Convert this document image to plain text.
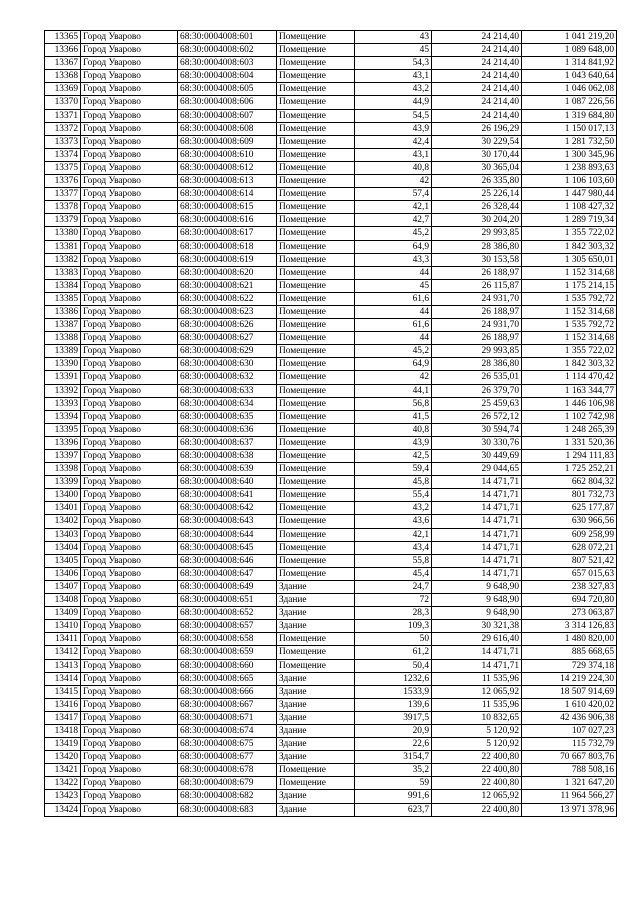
13365	Город Уварово	68:30:0004008:601	Помещение	43	24 214,40	1 041 219,20
13366	Город Уварово	68:30:0004008:602	Помещение	45	24 214,40	1 089 648,00
13367	Город Уварово	68:30:0004008:603	Помещение	54,3	24 214,40	1 314 841,92
13368	Город Уварово	68:30:0004008:604	Помещение	43,1	24 214,40	1 043 640,64
13369	Город Уварово	68:30:0004008:605	Помещение	43,2	24 214,40	1 046 062,08
13370	Город Уварово	68:30:0004008:606	Помещение	44,9	24 214,40	1 087 226,56
13371	Город Уварово	68:30:0004008:607	Помещение	54,5	24 214,40	1 319 684,80
13372	Город Уварово	68:30:0004008:608	Помещение	43,9	26 196,29	1 150 017,13
13373	Город Уварово	68:30:0004008:609	Помещение	42,4	30 229,54	1 281 732,50
13374	Город Уварово	68:30:0004008:610	Помещение	43,1	30 170,44	1 300 345,96
13375	Город Уварово	68:30:0004008:612	Помещение	40,8	30 365,04	1 238 893,63
13376	Город Уварово	68:30:0004008:613	Помещение	42	26 335,80	1 106 103,60
13377	Город Уварово	68:30:0004008:614	Помещение	57,4	25 226,14	1 447 980,44
13378	Город Уварово	68:30:0004008:615	Помещение	42,1	26 328,44	1 108 427,32
13379	Город Уварово	68:30:0004008:616	Помещение	42,7	30 204,20	1 289 719,34
13380	Город Уварово	68:30:0004008:617	Помещение	45,2	29 993,85	1 355 722,02
13381	Город Уварово	68:30:0004008:618	Помещение	64,9	28 386,80	1 842 303,32
13382	Город Уварово	68:30:0004008:619	Помещение	43,3	30 153,58	1 305 650,01
13383	Город Уварово	68:30:0004008:620	Помещение	44	26 188,97	1 152 314,68
13384	Город Уварово	68:30:0004008:621	Помещение	45	26 115,87	1 175 214,15
13385	Город Уварово	68:30:0004008:622	Помещение	61,6	24 931,70	1 535 792,72
13386	Город Уварово	68:30:0004008:623	Помещение	44	26 188,97	1 152 314,68
13387	Город Уварово	68:30:0004008:626	Помещение	61,6	24 931,70	1 535 792,72
13388	Город Уварово	68:30:0004008:627	Помещение	44	26 188,97	1 152 314,68
13389	Город Уварово	68:30:0004008:629	Помещение	45,2	29 993,85	1 355 722,02
13390	Город Уварово	68:30:0004008:630	Помещение	64,9	28 386,80	1 842 303,32
13391	Город Уварово	68:30:0004008:632	Помещение	42	26 535,01	1 114 470,42
13392	Город Уварово	68:30:0004008:633	Помещение	44,1	26 379,70	1 163 344,77
13393	Город Уварово	68:30:0004008:634	Помещение	56,8	25 459,63	1 446 106,98
13394	Город Уварово	68:30:0004008:635	Помещение	41,5	26 572,12	1 102 742,98
13395	Город Уварово	68:30:0004008:636	Помещение	40,8	30 594,74	1 248 265,39
13396	Город Уварово	68:30:0004008:637	Помещение	43,9	30 330,76	1 331 520,36
13397	Город Уварово	68:30:0004008:638	Помещение	42,5	30 449,69	1 294 111,83
13398	Город Уварово	68:30:0004008:639	Помещение	59,4	29 044,65	1 725 252,21
13399	Город Уварово	68:30:0004008:640	Помещение	45,8	14 471,71	662 804,32
13400	Город Уварово	68:30:0004008:641	Помещение	55,4	14 471,71	801 732,73
13401	Город Уварово	68:30:0004008:642	Помещение	43,2	14 471,71	625 177,87
13402	Город Уварово	68:30:0004008:643	Помещение	43,6	14 471,71	630 966,56
13403	Город Уварово	68:30:0004008:644	Помещение	42,1	14 471,71	609 258,99
13404	Город Уварово	68:30:0004008:645	Помещение	43,4	14 471,71	628 072,21
13405	Город Уварово	68:30:0004008:646	Помещение	55,8	14 471,71	807 521,42
13406	Город Уварово	68:30:0004008:647	Помещение	45,4	14 471,71	657 015,63
13407	Город Уварово	68:30:0004008:649	Здание	24,7	9 648,90	238 327,83
13408	Город Уварово	68:30:0004008:651	Здание	72	9 648,90	694 720,80
13409	Город Уварово	68:30:0004008:652	Здание	28,3	9 648,90	273 063,87
13410	Город Уварово	68:30:0004008:657	Здание	109,3	30 321,38	3 314 126,83
13411	Город Уварово	68:30:0004008:658	Помещение	50	29 616,40	1 480 820,00
13412	Город Уварово	68:30:0004008:659	Помещение	61,2	14 471,71	885 668,65
13413	Город Уварово	68:30:0004008:660	Помещение	50,4	14 471,71	729 374,18
13414	Город Уварово	68:30:0004008:665	Здание	1232,6	11 535,96	14 219 224,30
13415	Город Уварово	68:30:0004008:666	Здание	1533,9	12 065,92	18 507 914,69
13416	Город Уварово	68:30:0004008:667	Здание	139,6	11 535,96	1 610 420,02
13417	Город Уварово	68:30:0004008:671	Здание	3917,5	10 832,65	42 436 906,38
13418	Город Уварово	68:30:0004008:674	Здание	20,9	5 120,92	107 027,23
13419	Город Уварово	68:30:0004008:675	Здание	22,6	5 120,92	115 732,79
13420	Город Уварово	68:30:0004008:677	Здание	3154,7	22 400,80	70 667 803,76
13421	Город Уварово	68:30:0004008:678	Помещение	35,2	22 400,80	788 508,16
13422	Город Уварово	68:30:0004008:679	Помещение	59	22 400,80	1 321 647,20
13423	Город Уварово	68:30:0004008:682	Здание	991,6	12 065,92	11 964 566,27
13424	Город Уварово	68:30:0004008:683	Здание	623,7	22 400,80	13 971 378,96
